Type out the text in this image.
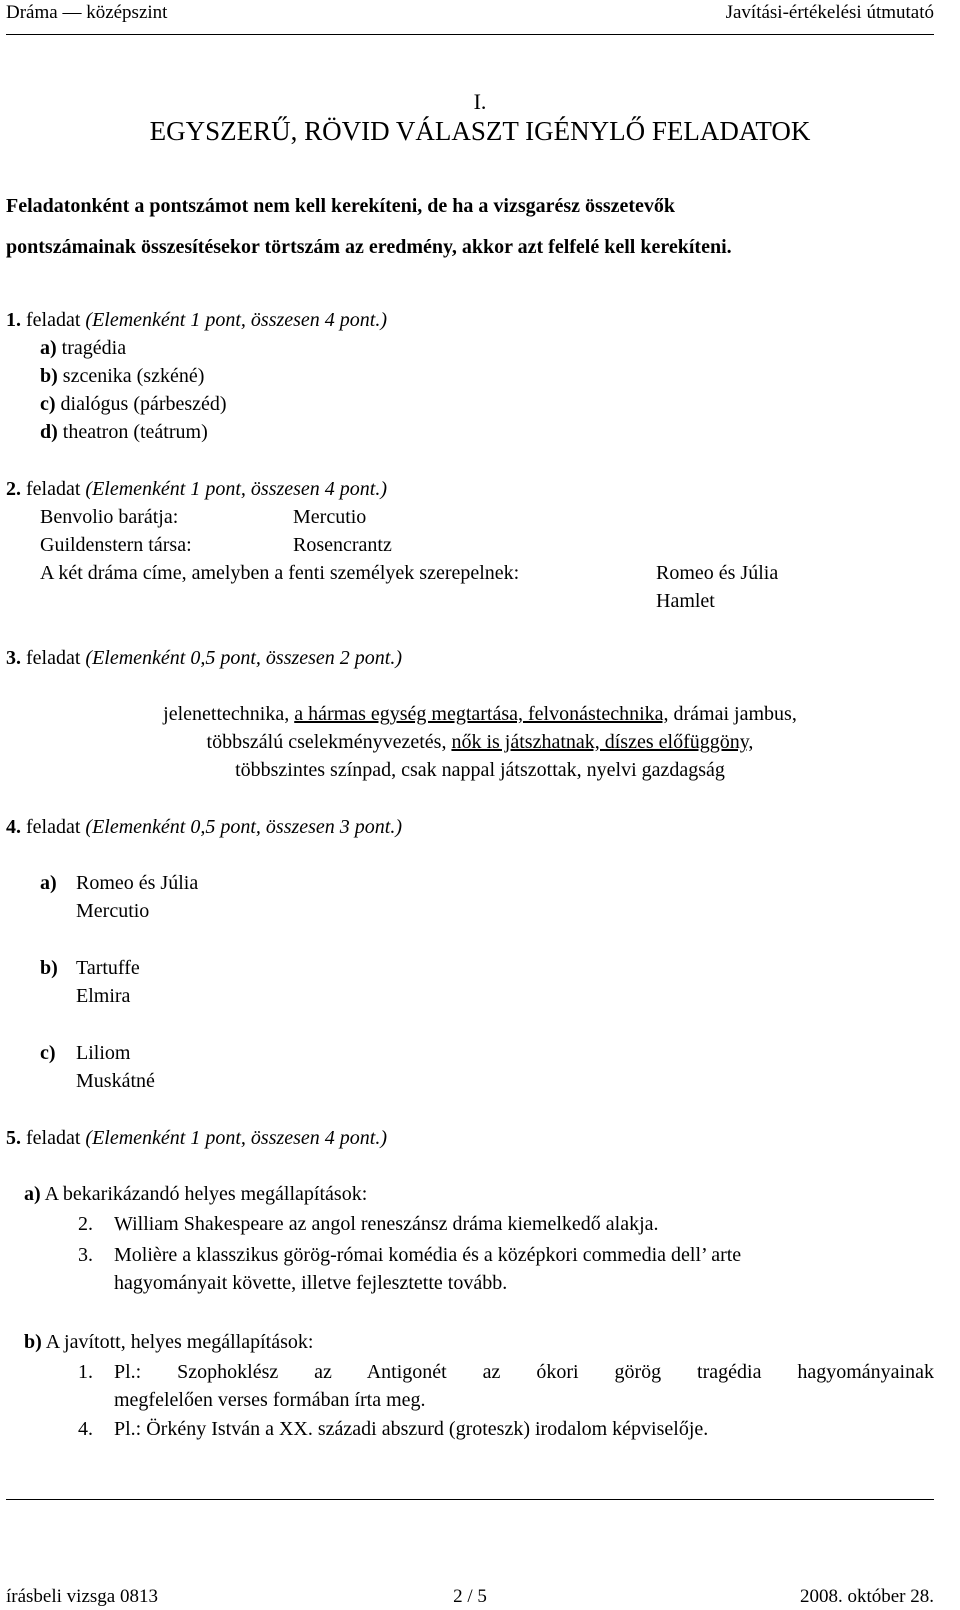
Dráma — középszint	Javítási-értékelési útmutató
I.
EGYSZERŰ, RÖVID VÁLASZT IGÉNYLŐ FELADATOK
Feladatonként a pontszámot nem kell kerekíteni, de ha a vizsgarész összetevők
pontszámainak összesítésekor törtszám az eredmény, akkor azt felfelé kell kerekíteni.
1. feladat (Elemenként 1 pont, összesen 4 pont.)
a) tragédia
b) szcenika (szkéné)
c) dialógus (párbeszéd)
d) theatron (teátrum)
2. feladat (Elemenként 1 pont, összesen 4 pont.)
Benvolio barátja:	Mercutio
Guildenstern társa:	Rosencrantz
A két dráma címe, amelyben a fenti személyek szerepelnek:	Romeo és Júlia
Hamlet
3. feladat (Elemenként 0,5 pont, összesen 2 pont.)
jelenettechnika, a hármas egység megtartása, felvonástechnika, drámai jambus,
többszálú cselekményvezetés, nők is játszhatnak, díszes előfüggöny,
többszintes színpad, csak nappal játszottak, nyelvi gazdagság
4. feladat (Elemenként 0,5 pont, összesen 3 pont.)
a) Romeo és Júlia
Mercutio
b) Tartuffe
Elmira
c) Liliom
Muskátné
5. feladat (Elemenként 1 pont, összesen 4 pont.)
a) A bekarikázandó helyes megállapítások:
2. William Shakespeare az angol reneszánsz dráma kiemelkedő alakja.
3. Molière a klasszikus görög-római komédia és a középkori commedia dell’ arte
hagyományait követte, illetve fejlesztette tovább.
b) A javított, helyes megállapítások:
1. Pl.: Szophoklész az Antigonét az ókori görög tragédia hagyományainak
megfelelően verses formában írta meg.
4. Pl.: Örkény István a XX. századi abszurd (groteszk) irodalom képviselője.
írásbeli vizsga 0813	2 / 5	2008. október 28.
